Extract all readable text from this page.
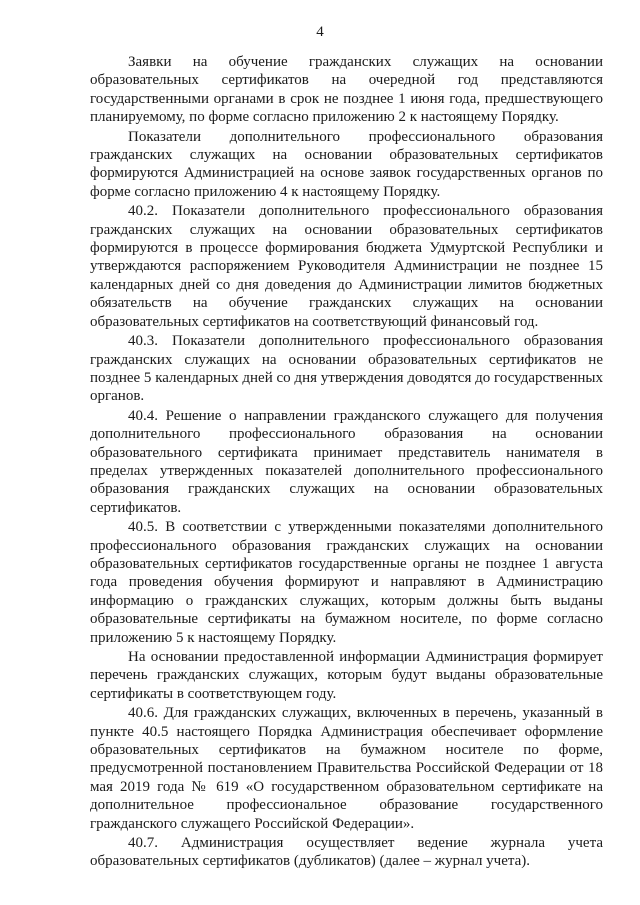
4

Заявки на обучение гражданских служащих на основании образовательных сертификатов на очередной год представляются государственными органами в срок не позднее 1 июня года, предшествующего планируемому, по форме согласно приложению 2 к настоящему Порядку.

Показатели дополнительного профессионального образования гражданских служащих на основании образовательных сертификатов формируются Администрацией на основе заявок государственных органов по форме согласно приложению 4 к настоящему Порядку.

40.2. Показатели дополнительного профессионального образования гражданских служащих на основании образовательных сертификатов формируются в процессе формирования бюджета Удмуртской Республики и утверждаются распоряжением Руководителя Администрации не позднее 15 календарных дней со дня доведения до Администрации лимитов бюджетных обязательств на обучение гражданских служащих на основании образовательных сертификатов на соответствующий финансовый год.

40.3. Показатели дополнительного профессионального образования гражданских служащих на основании образовательных сертификатов не позднее 5 календарных дней со дня утверждения доводятся до государственных органов.

40.4. Решение о направлении гражданского служащего для получения дополнительного профессионального образования на основании образовательного сертификата принимает представитель нанимателя в пределах утвержденных показателей дополнительного профессионального образования гражданских служащих на основании образовательных сертификатов.

40.5. В соответствии с утвержденными показателями дополнительного профессионального образования гражданских служащих на основании образовательных сертификатов государственные органы не позднее 1 августа года проведения обучения формируют и направляют в Администрацию информацию о гражданских служащих, которым должны быть выданы образовательные сертификаты на бумажном носителе, по форме согласно приложению 5 к настоящему Порядку.

На основании предоставленной информации Администрация формирует перечень гражданских служащих, которым будут выданы образовательные сертификаты в соответствующем году.

40.6. Для гражданских служащих, включенных в перечень, указанный в пункте 40.5 настоящего Порядка Администрация обеспечивает оформление образовательных сертификатов на бумажном носителе по форме, предусмотренной постановлением Правительства Российской Федерации от 18 мая 2019 года № 619 «О государственном образовательном сертификате на дополнительное профессиональное образование государственного гражданского служащего Российской Федерации».

40.7. Администрация осуществляет ведение журнала учета образовательных сертификатов (дубликатов) (далее – журнал учета).
